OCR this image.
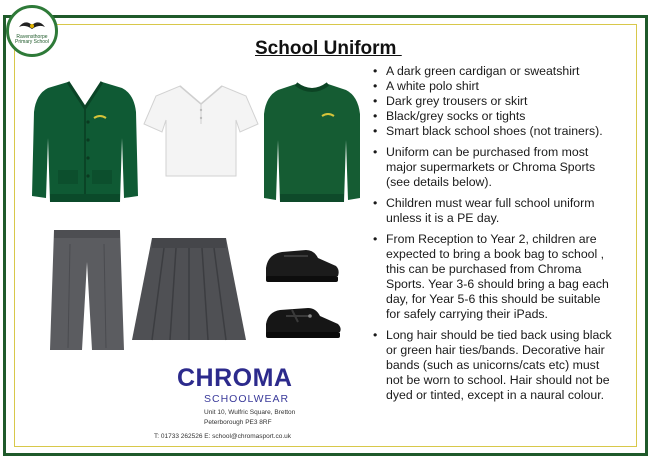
Ravensthorpe
Primary School	School Uniform
CHROMA
SCHOOLWEAR
Unit 10, Wulfric Square, Bretton
Peterborough PE3 8RF
T: 01733 262526 E: school@chromasport.co.uk
• A dark green cardigan or sweatshirt
• A white polo shirt
• Dark grey trousers or skirt
• Black/grey socks or tights
• Smart black school shoes (not trainers).
• Uniform can be purchased from most
major supermarkets or Chroma Sports
(see details below).
• Children must wear full school uniform
unless it is a PE day.
• From Reception to Year 2, children are
expected to bring a book bag to school ,
this can be purchased from Chroma
Sports. Year 3-6 should bring a bag each
day, for Year 5-6 this should be suitable
for safely carrying their iPads.
• Long hair should be tied back using black
or green hair ties/bands. Decorative hair
bands (such as unicorns/cats etc) must
not be worn to school. Hair should not be
dyed or tinted, except in a naural colour.
